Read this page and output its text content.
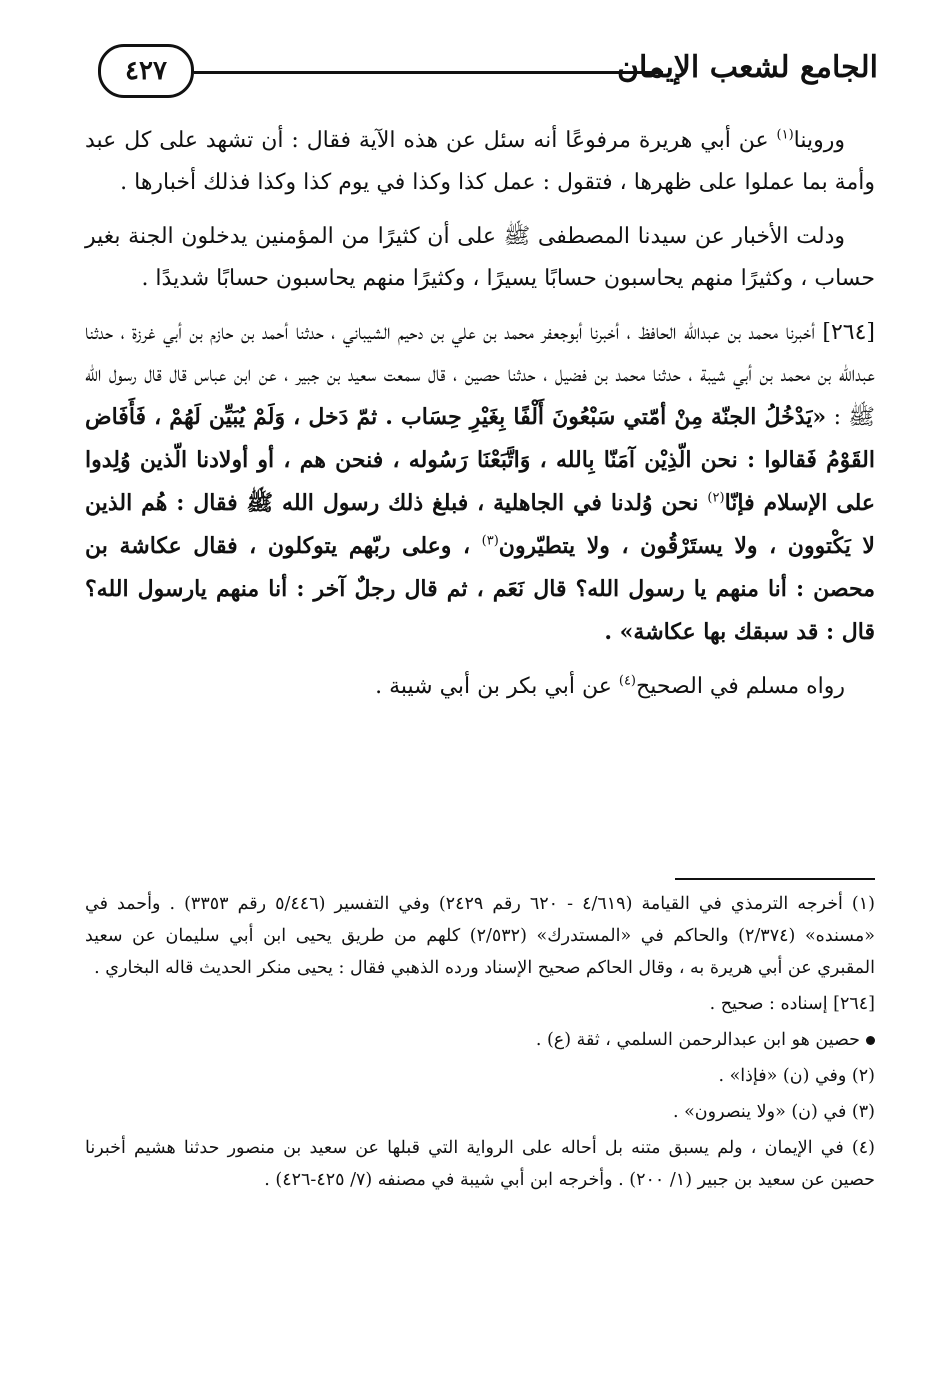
٤٢٧	الجامع لشعب الإيمان

وروينا$^{(١)}$ عن أبي هريرة مرفوعًا أنه سئل عن هذه الآية فقال : أن تشهد على كل عبد وأمة بما عملوا على ظهرها ، فتقول : عمل كذا وكذا في يوم كذا وكذا فذلك أخبارها .

ودلت الأخبار عن سيدنا المصطفى ﷺ على أن كثيرًا من المؤمنين يدخلون الجنة بغير حساب ، وكثيرًا منهم يحاسبون حسابًا يسيرًا ، وكثيرًا منهم يحاسبون حسابًا شديدًا .

[٢٦٤] أخبرنا محمد بن عبدالله الحافظ ، أخبرنا أبوجعفر محمد بن علي بن دحيم الشيباني ، حدثنا أحمد بن حازم بن أبي غرزة ، حدثنا عبدالله بن محمد بن أبي شيبة ، حدثنا محمد بن فضيل ، حدثنا حصين ، قال سمعت سعيد بن جبير ، عن ابن عباس قال قال رسول الله ﷺ : «يَدْخُلُ الجنّة مِنْ أمّتي سَبْعُونَ أَلْفًا بِغَيْرِ حِسَاب . ثمّ دَخل ، وَلَمْ يُبَيِّن لَهُمْ ، فَأَفَاض القَوْمُ فَقالوا : نحن الّذِيْن آمَنّا بِالله ، وَاتَّبَعْنَا رَسُوله ، فنحن هم ، أو أولادنا الّذين وُلِدوا على الإسلام فإنّا$^{(٢)}$ نحن وُلدنا في الجاهلية ، فبلغ ذلك رسول الله ﷺ فقال : هُم الذين لا يَكْتوون ، ولا يستَرْقُون ، ولا يتطيّرون$^{(٣)}$ ، وعلى ربّهم يتوكلون ، فقال عكاشة بن محصن : أنا منهم يا رسول الله؟ قال نَعَم ، ثم قال رجلٌ آخر : أنا منهم يارسول الله؟ قال : قد سبقك بها عكاشة» .

رواه مسلم في الصحيح$^{(٤)}$ عن أبي بكر بن أبي شيبة .

(١) أخرجه الترمذي في القيامة (٤/٦١٩ - ٦٢٠ رقم ٢٤٢٩) وفي التفسير (٥/٤٤٦ رقم ٣٣٥٣) . وأحمد في «مسنده» (٢/٣٧٤) والحاكم في «المستدرك» (٢/٥٣٢) كلهم من طريق يحيى ابن أبي سليمان عن سعيد المقبري عن أبي هريرة به ، وقال الحاكم صحيح الإسناد ورده الذهبي فقال : يحيى منكر الحديث قاله البخاري .

[٢٦٤] إسناده : صحيح .

حصين هو ابن عبدالرحمن السلمي ، ثقة (ع) .

(٢) وفي (ن) «فإذا» .

(٣) في (ن) «ولا ينصرون» .

(٤) في الإيمان ، ولم يسبق متنه بل أحاله على الرواية التي قبلها عن سعيد بن منصور حدثنا هشيم أخبرنا حصين عن سعيد بن جبير (١/ ٢٠٠) . وأخرجه ابن أبي شيبة في مصنفه (٧/ ٤٢٥-٤٢٦) .
